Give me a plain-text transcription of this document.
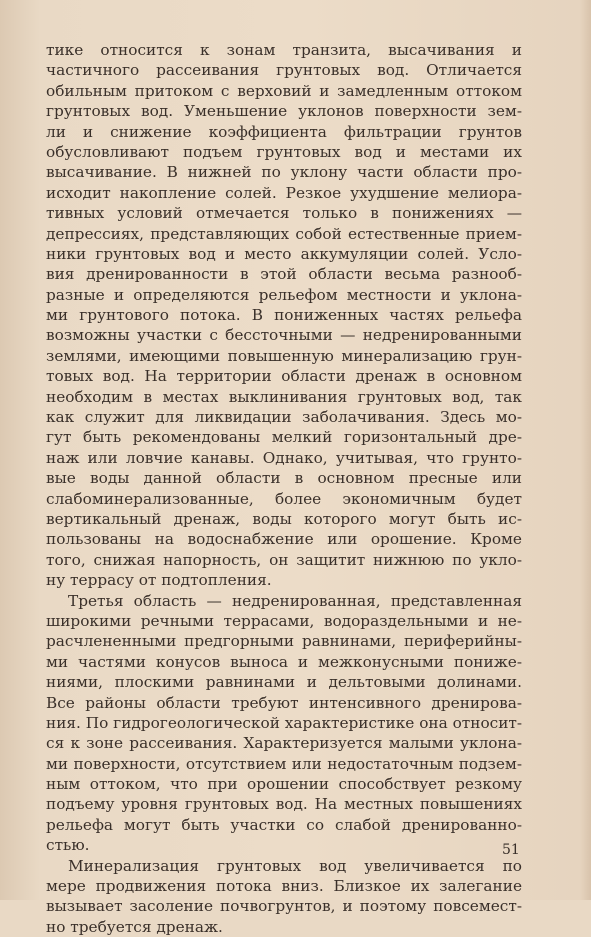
тике относится к зонам транзита, высачивания и
частичного рассеивания грунтовых вод. Отличается
обильным притоком с верховий и замедленным оттоком
грунтовых вод. Уменьшение уклонов поверхности зем-
ли и снижение коэффициента фильтрации грунтов
обусловливают подъем грунтовых вод и местами их
высачивание. В нижней по уклону части области про-
исходит накопление солей. Резкое ухудшение мелиора-
тивных условий отмечается только в понижениях —
депрессиях, представляющих собой естественные прием-
ники грунтовых вод и место аккумуляции солей. Усло-
вия дренированности в этой области весьма разнооб-
разные и определяются рельефом местности и уклона-
ми грунтового потока. В пониженных частях рельефа
возможны участки с бессточными — недренированными
землями, имеющими повышенную минерализацию грун-
товых вод. На территории области дренаж в основном
необходим в местах выклинивания грунтовых вод, так
как служит для ликвидации заболачивания. Здесь мо-
гут быть рекомендованы мелкий горизонтальный дре-
наж или ловчие канавы. Однако, учитывая, что грунто-
вые воды данной области в основном пресные или
слабоминерализованные, более экономичным будет
вертикальный дренаж, воды которого могут быть ис-
пользованы на водоснабжение или орошение. Кроме
того, снижая напорность, он защитит нижнюю по укло-
ну террасу от подтопления.
Третья область — недренированная, представленная
широкими речными террасами, водораздельными и не-
расчлененными предгорными равнинами, периферийны-
ми частями конусов выноса и межконусными пониже-
ниями, плоскими равнинами и дельтовыми долинами.
Все районы области требуют интенсивного дренирова-
ния. По гидрогеологической характеристике она относит-
ся к зоне рассеивания. Характеризуется малыми уклона-
ми поверхности, отсутствием или недостаточным подзем-
ным оттоком, что при орошении способствует резкому
подъему уровня грунтовых вод. На местных повышениях
рельефа могут быть участки со слабой дренированно-
стью.
Минерализация грунтовых вод увеличивается по
мере продвижения потока вниз. Близкое их залегание
вызывает засоление почвогрунтов, и поэтому повсемест-
но требуется дренаж.
51
